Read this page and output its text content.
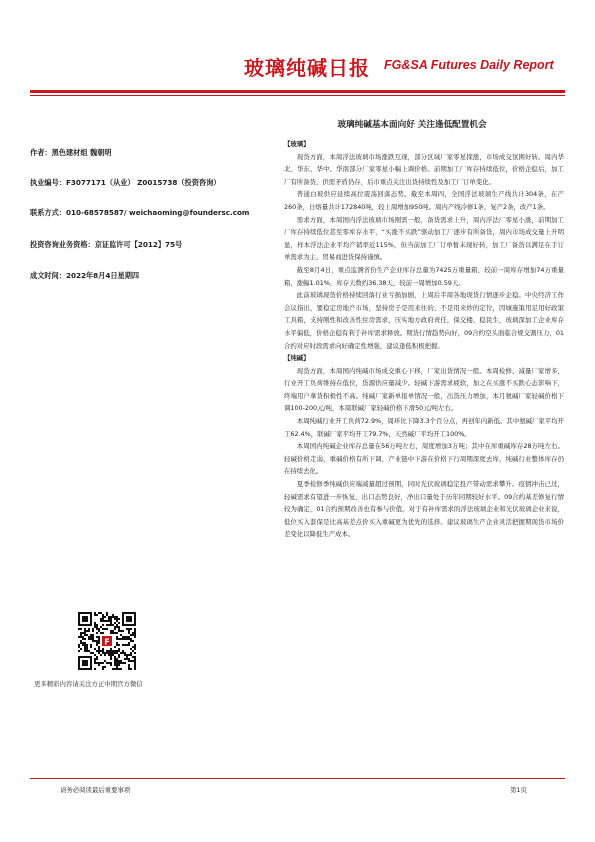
玻璃纯碱日报 FG&SA Futures Daily Report
玻璃纯碱基本面向好 关注逢低配置机会
作者：黑色建材组 魏朝明
执业编号：F3077171（从业） Z0015738（投资咨询）
联系方式：010-68578587/ weichaoming@foundersc.com
投资咨询业务资格：京证监许可【2012】75号
成文时间：2022年8月4日星期四

【玻璃】

现货方面，本周浮法玻璃市场涨跌互现，部分区域厂家零星探涨，市场成交氛围好转。周内华北、华东、华中、华南部分厂家零星小幅上调价格。前期加工厂库存持续低位，价格企稳后，加工厂有所备货，供需矛盾仍存，后市重点关注出货持续性及加工厂订单变化。

普通白玻供应延续高位震荡回落态势。截至本周四，全国浮法玻璃生产线共计304条，在产260条，日熔量共计172840吨，较上周增加950吨。周内产线冷修1条，复产2条，改产1条。

需求方面，本周国内浮法玻璃市场刚需一般，备货需求上升，周内浮法厂零星小涨，前期加工厂库存持续低位甚至零库存水平，“买涨不买跌”驱动加工厂逐步有所备货，周内市场成交量上升明显，样本浮法企业平均产销率近115%，但当前加工厂订单暂未现好转，加工厂备货以满足在手订单需求为主，贸易商进货保持谨慎。

截至8月4日，重点监测省份生产企业库存总量为7425万重量箱，较前一周库存增加74万重量箱，涨幅1.01%，库存天数约36.38天，较前一周增加0.59天。

此前玻璃现货价格持续回落行业亏损加剧，上周后半周各地现货行情逐步企稳。中央经济工作会议指出，要稳定房地产市场，坚持房子是用来住的、不是用来炒的定位，因城施策用足用好政策工具箱，支持刚性和改善性住房需求，压实地方政府责任，保交楼、稳民生，玻璃深加工企业库存水平偏低，价格企稳有利于补库需求释放。期货行情趋势向好，09合约空头面临合规交割压力，01合约对应时段需求向好确定性增强，建议逢低积极把握。

【纯碱】

现货方面，本周国内纯碱市场成交重心下移，厂家出货情况一般。本周检修、减量厂家增多，行业开工负荷维持在低位，货源供应量减少。轻碱下游需求疲软，加之在买涨不买跌心态影响下，终端用户拿货积极性不高。纯碱厂家新单接单情况一般，出货压力增加，本月氨碱厂家轻碱价格下调100-200元/吨，本周联碱厂家轻碱价格下滑50元/吨左右。

本周纯碱行业开工负荷72.9%，周环比下降3.3个百分点，再创年内新低。其中氨碱厂家平均开工62.4%，联碱厂家平均开工79.7%，天然碱厂平均开工100%。

本周国内纯碱企业库存总量在56万吨左右，周度增加3万吨；其中在库重碱库存28万吨左右。轻碱价格走弱，重碱价格有所下调，产业链中下游在价格下行周期深度去库，纯碱行业整体库存仍在持续去化。

夏季检修季纯碱供应端减量超过预期，同时光伏玻璃稳定投产带动需求攀升。疫情冲击已过，轻碱需求有望进一步恢复，出口态势良好，净出口量处于历年同期较好水平。09合约基差修复行情较为确定，01合约预期改善也有参与价值。对于有补库需求的浮法玻璃企业和光伏玻璃企业来说，低位买入套保是比高基差点价买入重碱更为优先的选择。建议玻璃生产企业灵活把握期现货市场价差变化以降低生产成本。

F
更多精彩内容请关注方正中期官方微信
请务必阅读最后重要事项	第1页
